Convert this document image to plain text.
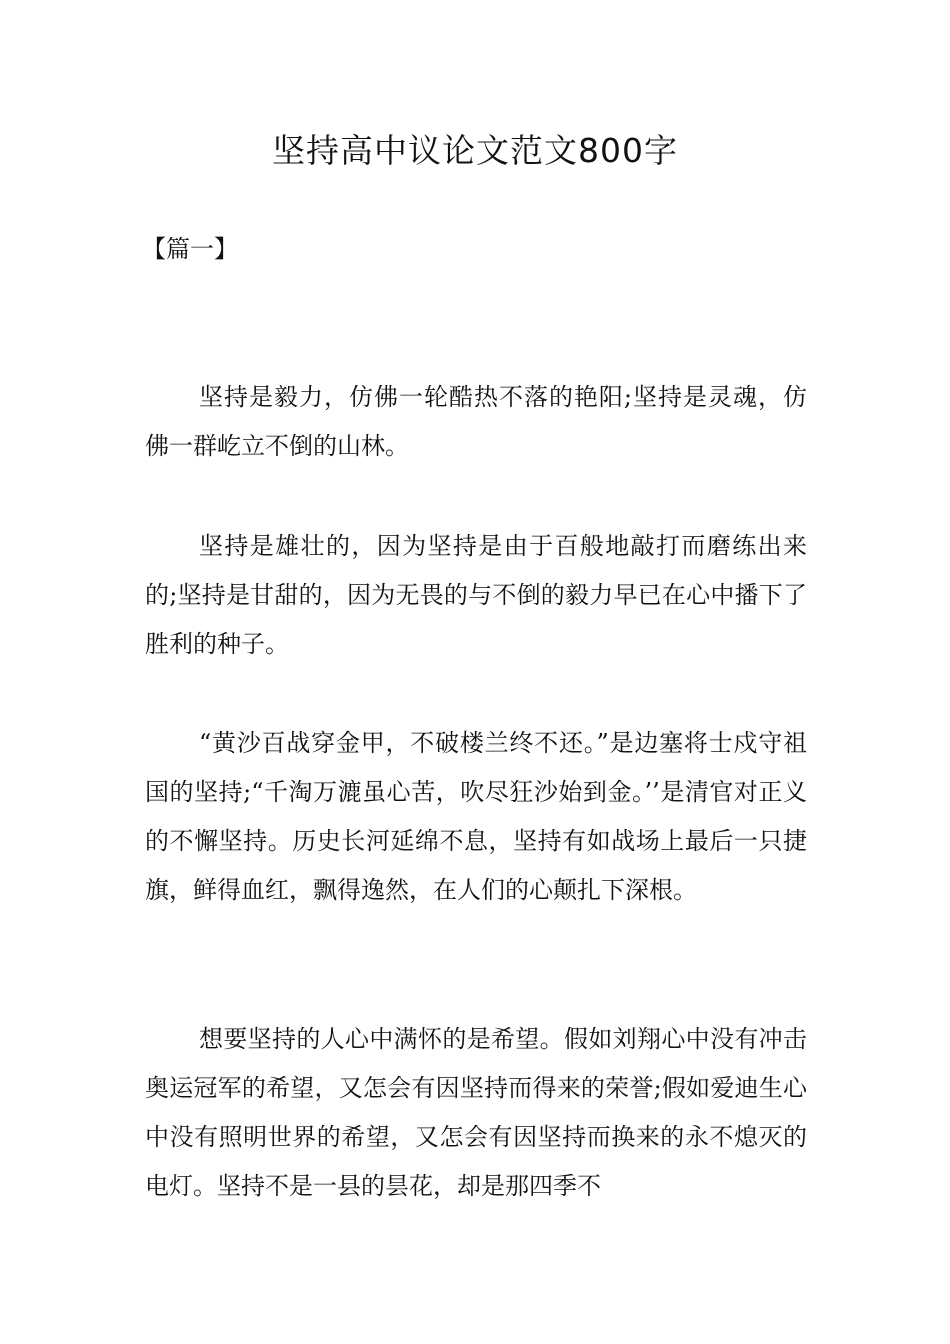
坚持高中议论文范文800字

【篇一】

坚持是毅力，仿佛一轮酷热不落的艳阳;坚持是灵魂，仿佛一群屹立不倒的山林。

坚持是雄壮的，因为坚持是由于百般地敲打而磨练出来的;坚持是甘甜的，因为无畏的与不倒的毅力早已在心中播下了胜利的种子。

“黄沙百战穿金甲，不破楼兰终不还。”是边塞将士戍守祖国的坚持;“千淘万漉虽心苦，吹尽狂沙始到金。’’是清官对正义的不懈坚持。历史长河延绵不息，坚持有如战场上最后一只捷旗，鲜得血红，飘得逸然，在人们的心颠扎下深根。

想要坚持的人心中满怀的是希望。假如刘翔心中没有冲击奥运冠军的希望，又怎会有因坚持而得来的荣誉;假如爱迪生心中没有照明世界的希望，又怎会有因坚持而换来的永不熄灭的电灯。坚持不是一县的昙花，却是那四季不
